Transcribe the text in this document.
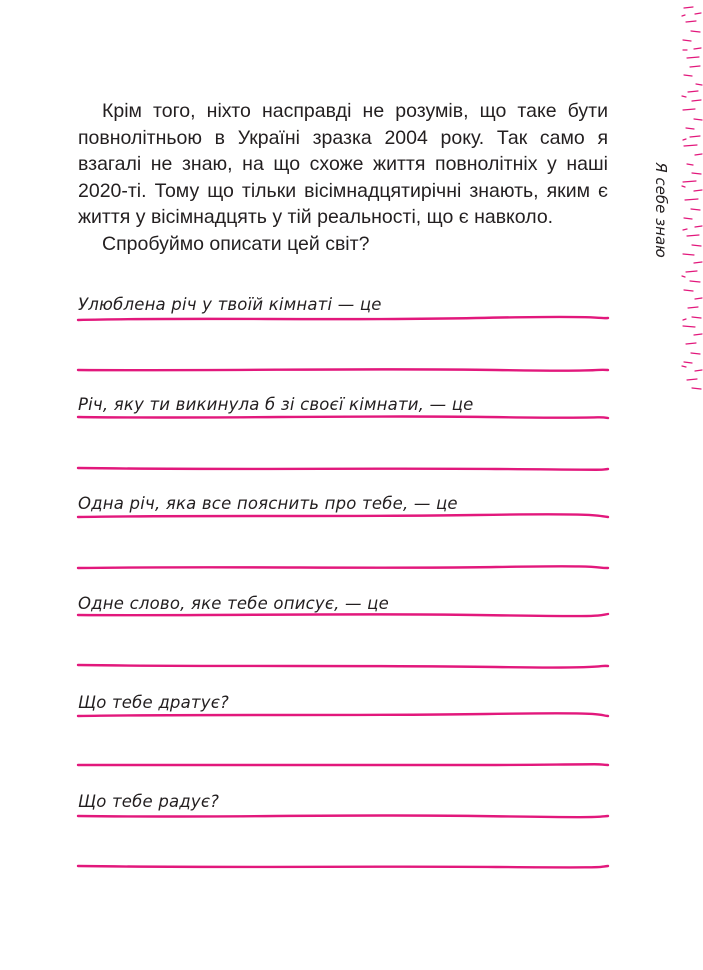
Крім того, ніхто насправді не розумів, що таке бути повнолітньою в Україні зразка 2004 року. Так само я взагалі не знаю, на що схоже життя повнолітніх у наші 2020-ті. Тому що тільки вісімнадцятирічні знають, яким є життя у вісімнадцять у тій реальності, що є навколо.

Спробуймо описати цей світ?

Улюблена річ у твоїй кімнаті — це
Річ, яку ти викинула б зі своєї кімнати, — це
Одна річ, яка все пояснить про тебе, — це
Одне слово, яке тебе описує, — це
Що тебе дратує?
Що тебе радує?
Я себе знаю
